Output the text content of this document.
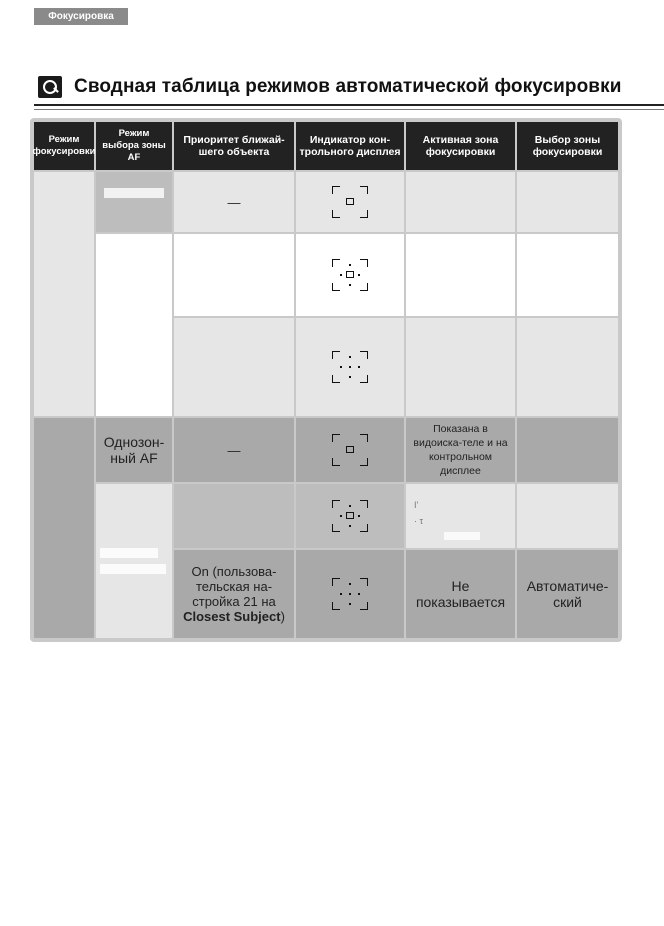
Фокусировка
Сводная таблица режимов автоматической фокусировки
Режим фокусировки
Режим выбора зоны AF
Приоритет ближай-шего объекта
Индикатор кон-трольного дисплея
Активная зона фокусировки
Выбор зоны фокусировки
Однозон-ный AF
—
—
On (пользова-тельская на-стройка 21 на
Closest Subject)
Показана в видоиска-теле и на контрольном дисплее
I'
· τ
Не показывается
Автоматиче-ский
